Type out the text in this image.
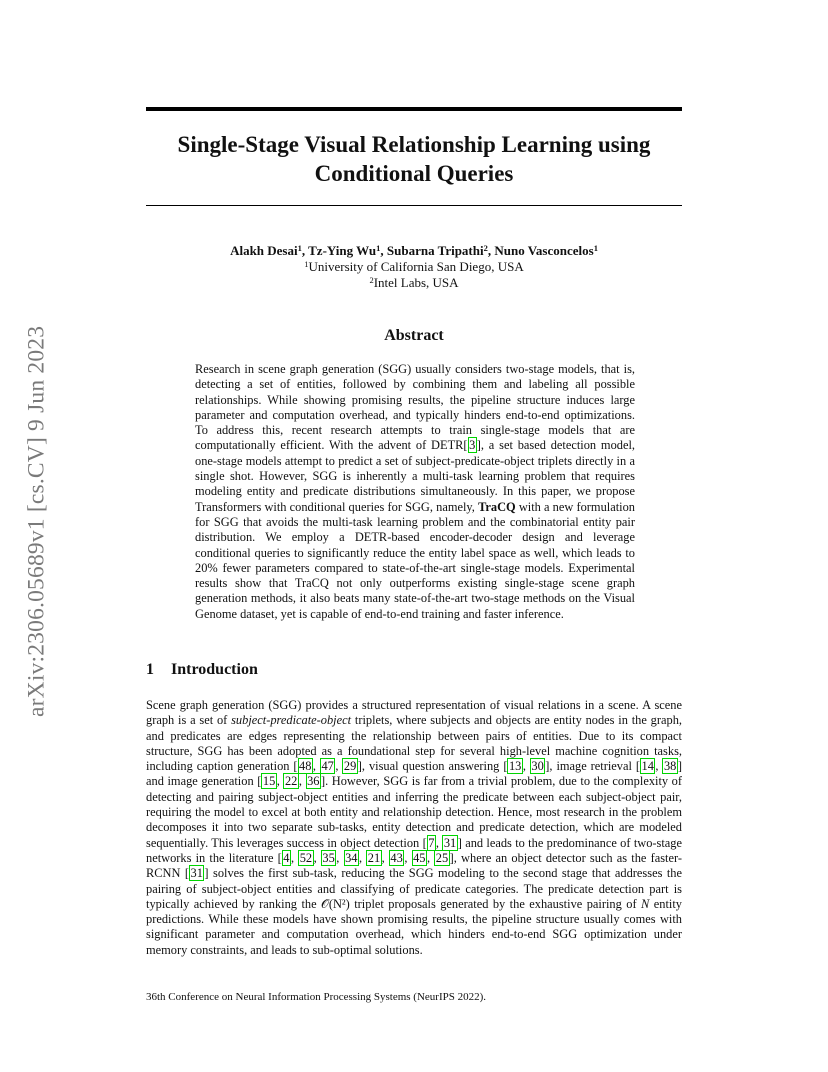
arXiv:2306.05689v1 [cs.CV] 9 Jun 2023
Single-Stage Visual Relationship Learning using
Conditional Queries
Alakh Desai$^1$, Tz-Ying Wu$^1$, Subarna Tripathi$^2$, Nuno Vasconcelos$^1$
$^1$University of California San Diego, USA
$^2$Intel Labs, USA
Abstract

Research in scene graph generation (SGG) usually considers two-stage models, that is, detecting a set of entities, followed by combining them and labeling all possible relationships. While showing promising results, the pipeline structure induces large parameter and computation overhead, and typically hinders end-to-end optimizations. To address this, recent research attempts to train single-stage models that are computationally efficient. With the advent of DETR[ 3 ], a set based detection model, one-stage models attempt to predict a set of subject-predicate-object triplets directly in a single shot. However, SGG is inherently a multi-task learning problem that requires modeling entity and predicate distributions simultaneously. In this paper, we propose Transformers with conditional queries for SGG, namely, TraCQ with a new formulation for SGG that avoids the multi-task learning problem and the combinatorial entity pair distribution. We employ a DETR-based encoder-decoder design and leverage conditional queries to significantly reduce the entity label space as well, which leads to 20% fewer parameters compared to state-of-the-art single-stage models. Experimental results show that TraCQ not only outperforms existing single-stage scene graph generation methods, it also beats many state-of-the-art two-stage methods on the Visual Genome dataset, yet is capable of end-to-end training and faster inference.

1 Introduction

Scene graph generation (SGG) provides a structured representation of visual relations in a scene. A scene graph is a set of subject-predicate-object triplets, where subjects and objects are entity nodes in the graph, and predicates are edges representing the relationship between pairs of entities. Due to its compact structure, SGG has been adopted as a foundational step for several high-level machine cognition tasks, including caption generation [ 48 , 47 , 29 ], visual question answering [ 13 , 30 ], image retrieval [ 14 , 38 ] and image generation [ 15 , 22 , 36 ]. However, SGG is far from a trivial problem, due to the complexity of detecting and pairing subject-object entities and inferring the predicate between each subject-object pair, requiring the model to excel at both entity and relationship detection. Hence, most research in the problem decomposes it into two separate sub-tasks, entity detection and predicate detection, which are modeled sequentially. This leverages success in object detection [ 7 , 31 ] and leads to the predominance of two-stage networks in the literature [ 4 , 52 , 35 , 34 , 21 , 43 , 45 , 25 ], where an object detector such as the faster-RCNN [ 31 ] solves the first sub-task, reducing the SGG modeling to the second stage that addresses the pairing of subject-object entities and classifying of predicate categories. The predicate detection part is typically achieved by ranking the 𝒪(N²) triplet proposals generated by the exhaustive pairing of N entity predictions. While these models have shown promising results, the pipeline structure usually comes with significant parameter and computation overhead, which hinders end-to-end SGG optimization under memory constraints, and leads to sub-optimal solutions.

36th Conference on Neural Information Processing Systems (NeurIPS 2022).
